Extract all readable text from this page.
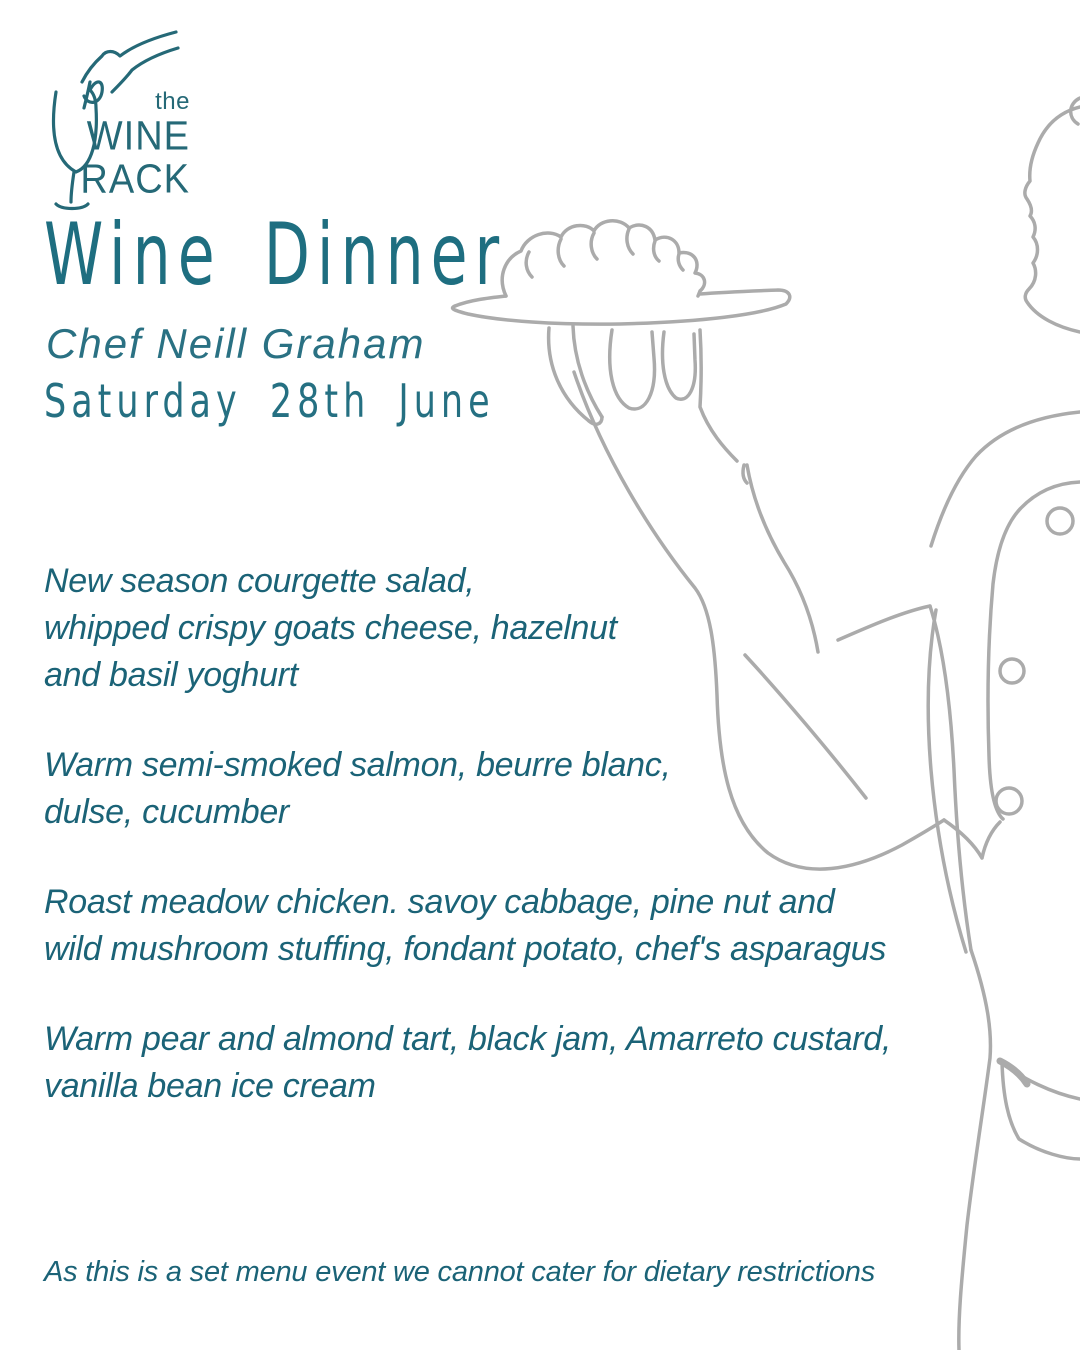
the
WINE
RACK
Wine Dinner
Chef Neill Graham
Saturday 28th June
New season courgette salad,
whipped crispy goats cheese, hazelnut
and basil yoghurt
Warm semi-smoked salmon, beurre blanc,
dulse, cucumber
Roast meadow chicken. savoy cabbage, pine nut and
wild mushroom stuffing, fondant potato, chef's asparagus
Warm pear and almond tart, black jam, Amarreto custard,
vanilla bean ice cream
As this is a set menu event we cannot cater for dietary restrictions
